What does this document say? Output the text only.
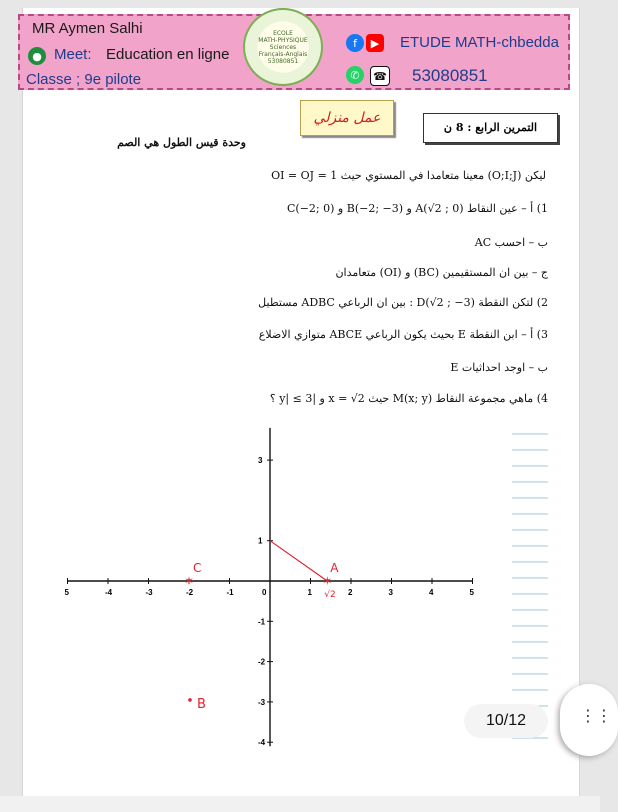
MR Aymen Salhi
● Meet: Education en ligne
Classe ; 9e pilote
f	▶	ETUDE MATH-chbedda
✆	☎ 53080851
ECOLE
MATH-PHYSIQUE
Sciences
Français-Anglais
53080851
عمل منزلي
التمرين الرابع : 8 ن
وحدة قيس الطول هي الصم
ليكن (O;I;J) معينا متعامدا في المستوي حيث 1 = OI = OJ
1) أ – عين النقاط A(√2 ; 0) و B(−2; −3) و C(−2; 0)
ب – احسب AC
ج – بين ان المستقيمين (BC) و (OI) متعامدان
2) لتكن النقطة D(√2 ; −3) : بين ان الرباعي ADBC مستطيل
3) أ – ابن النقطة E بحيث يكون الرباعي ABCE متوازي الاضلاع
ب – اوجد احداثيات E
4) ماهي مجموعة النقاط M(x; y) حيث x = √2 و |y| ≤ 3 ؟
5	-4	-3	-2	-1	0	1	2	3	4	5
3
1
-1
-2
-3
-4
✶
A
✶
C
B
√2
10/12	⋮⋮
